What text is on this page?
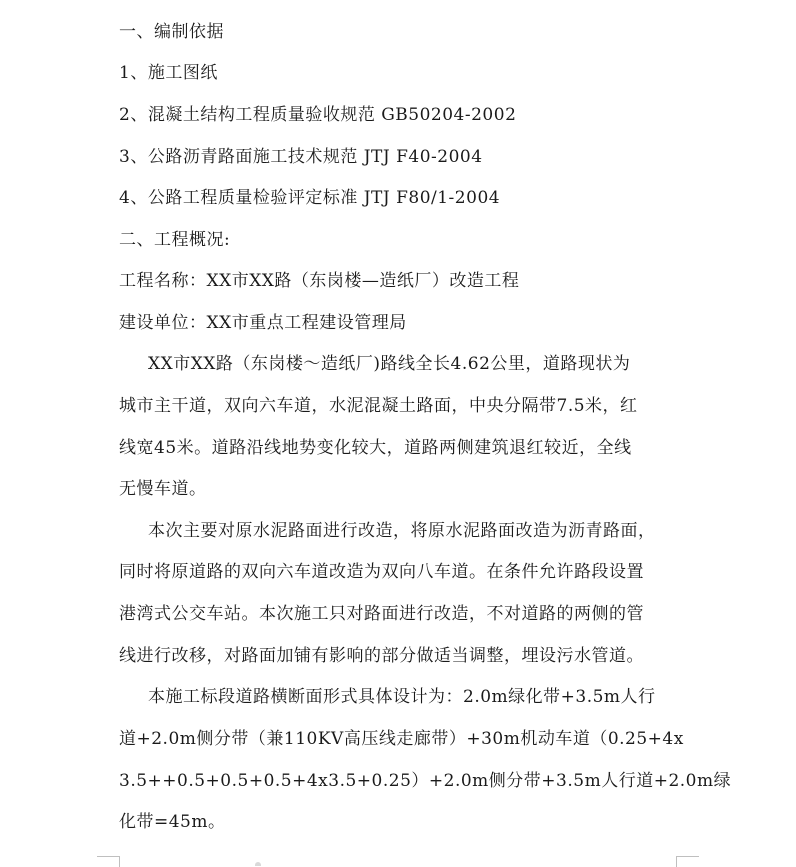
一、编制依据
1、施工图纸
2、混凝土结构工程质量验收规范 GB50204-2002
3、公路沥青路面施工技术规范 JTJ F40-2004
4、公路工程质量检验评定标准 JTJ F80/1-2004
二、工程概况:
工程名称：XX市XX路（东岗楼—造纸厂）改造工程
建设单位：XX市重点工程建设管理局
XX市XX路（东岗楼～造纸厂)路线全长4.62公里，道路现状为
城市主干道，双向六车道，水泥混凝土路面，中央分隔带7.5米，红
线宽45米。道路沿线地势变化较大，道路两侧建筑退红较近，全线
无慢车道。
本次主要对原水泥路面进行改造，将原水泥路面改造为沥青路面，
同时将原道路的双向六车道改造为双向八车道。在条件允许路段设置
港湾式公交车站。本次施工只对路面进行改造，不对道路的两侧的管
线进行改移，对路面加铺有影响的部分做适当调整，埋设污水管道。
本施工标段道路横断面形式具体设计为：2.0m绿化带+3.5m人行
道+2.0m侧分带（兼110KV高压线走廊带）+30m机动车道（0.25+4x
3.5++0.5+0.5+0.5+4x3.5+0.25）+2.0m侧分带+3.5m人行道+2.0m绿
化带=45m。
